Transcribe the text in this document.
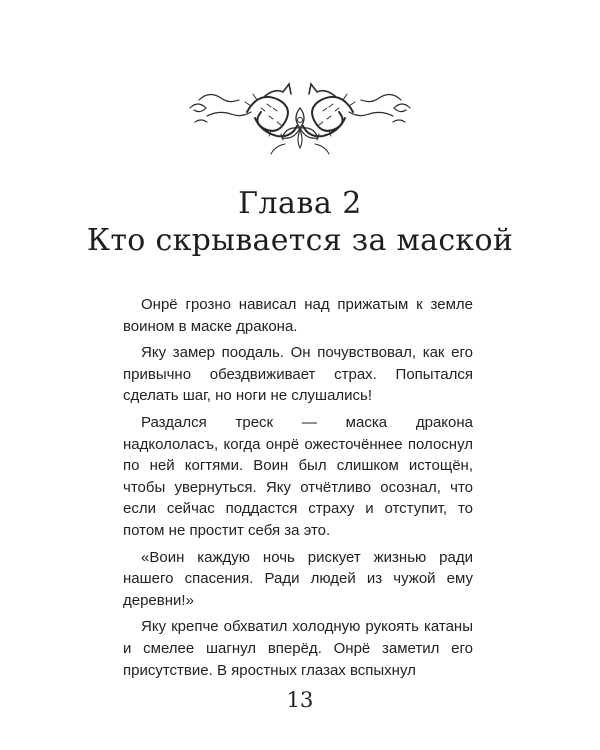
Глава 2
Кто скрывается за маской

Онрё грозно нависал над прижатым к земле воином в маске дракона.

Яку замер поодаль. Он почувствовал, как его привычно обездвиживает страх. Попытался сделать шаг, но ноги не слушались!

Раздался треск — маска дракона надкололасъ, когда онрё ожесточённее полоснул по ней когтями. Воин был слишком истощён, чтобы увернуться. Яку отчётливо осознал, что если сейчас поддастся страху и отступит, то потом не простит себя за это.

«Воин каждую ночь рискует жизнью ради нашего спасения. Ради людей из чужой ему деревни!»

Яку крепче обхватил холодную рукоять катаны и смелее шагнул вперёд. Онрё заметил его присутствие. В яростных глазах вспыхнул

13
